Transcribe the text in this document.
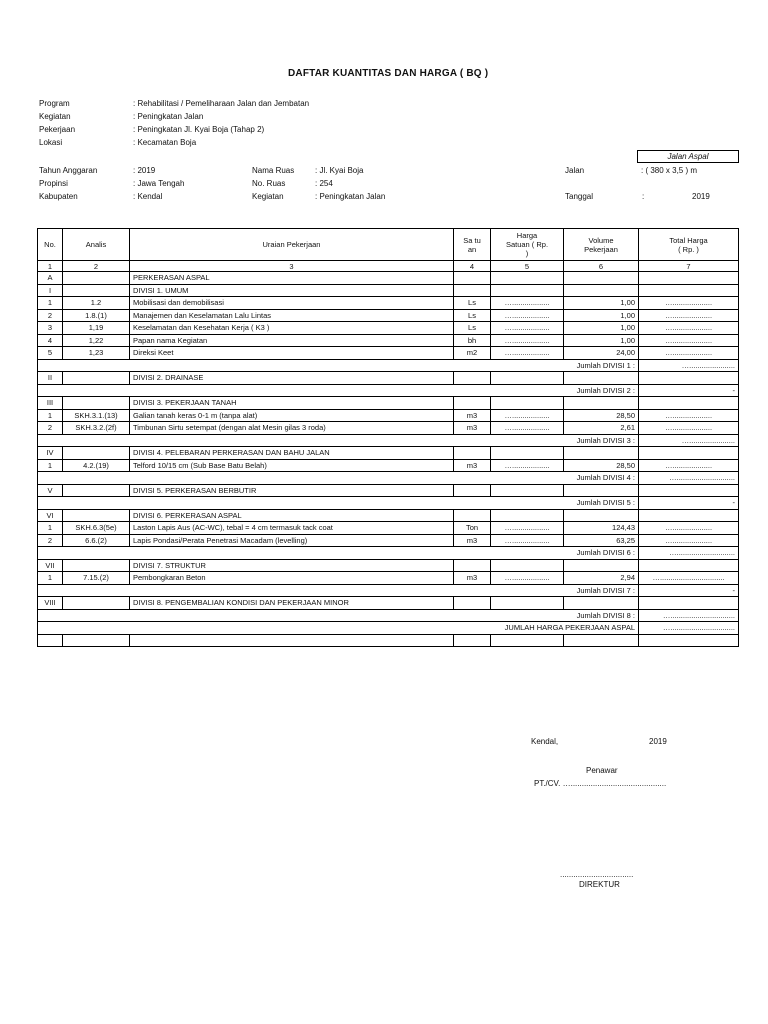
DAFTAR KUANTITAS DAN HARGA ( BQ )
Program	: Rehabilitasi / Pemeliharaan Jalan dan Jembatan
Kegiatan	: Peningkatan Jalan
Pekerjaan	: Peningkatan Jl. Kyai Boja (Tahap 2)
Lokasi	: Kecamatan Boja
Jalan Aspal
Tahun Anggaran	: 2019
Propinsi	: Jawa Tengah
Kabupaten	: Kendal
Nama Ruas	: Jl. Kyai Boja
No. Ruas	: 254
Kegiatan	: Peningkatan Jalan
Jalan	: ( 380 x 3,5 ) m
Tanggal	:	2019
No.	Analis	Uraian Pekerjaan	Sa tu an	Harga Satuan ( Rp. )	Volume Pekerjaan	Total Harga ( Rp. )
1	2	3	4	5	6	7
A		PERKERASAN ASPAL				
I		DIVISI 1. UMUM				
1	1.2	Mobilisasi dan demobilisasi	Ls	…..................	1,00	…...................
2	1.8.(1)	Manajemen dan Keselamatan Lalu Lintas	Ls	…..................	1,00	…...................
3	1,19	Keselamatan dan Kesehatan Kerja ( K3 )	Ls	…..................	1,00	…...................
4	1,22	Papan nama Kegiatan	bh	…..................	1,00	…...................
5	1,23	Direksi Keet	m2	…..................	24,00	…...................
Jumlah DIVISI 1 :						…......................
II		DIVISI 2. DRAINASE				
Jumlah DIVISI 2 :						-
III		DIVISI 3. PEKERJAAN TANAH				
1	SKH.3.1.(13)	Galian tanah keras 0-1 m (tanpa alat)	m3	…..................	28,50	…...................
2	SKH.3.2.(2f)	Timbunan Sirtu setempat (dengan alat Mesin gilas 3 roda)	m3	…..................	2,61	…...................
Jumlah DIVISI 3 :						…......................
IV		DIVISI 4. PELEBARAN PERKERASAN DAN BAHU JALAN				
1	4.2.(19)	Telford 10/15 cm (Sub Base Batu Belah)	m3	…..................	28,50	…...................
Jumlah DIVISI 4 :						…............................
V		DIVISI 5. PERKERASAN BERBUTIR				
Jumlah DIVISI 5 :						-
VI		DIVISI 6. PERKERASAN ASPAL				
1	SKH.6.3(5e)	Laston Lapis Aus (AC-WC), tebal = 4 cm termasuk tack coat	Ton	…..................	124,43	…...................
2	6.6.(2)	Lapis Pondasi/Perata Penetrasi Macadam (levelling)	m3	…..................	63,25	…...................
Jumlah DIVISI 6 :						…............................
VII		DIVISI 7. STRUKTUR				
1	7.15.(2)	Pembongkaran Beton	m3	…..................	2,94	…...............................
Jumlah DIVISI 7 :						-
VIII		DIVISI 8. PENGEMBALIAN KONDISI DAN PEKERJAAN MINOR				
Jumlah DIVISI 8 :						…...............................
JUMLAH HARGA PEKERJAAN ASPAL						…...............................

Kendal,	2019
Penawar
PT./CV. …...........................................
.................................
DIREKTUR
